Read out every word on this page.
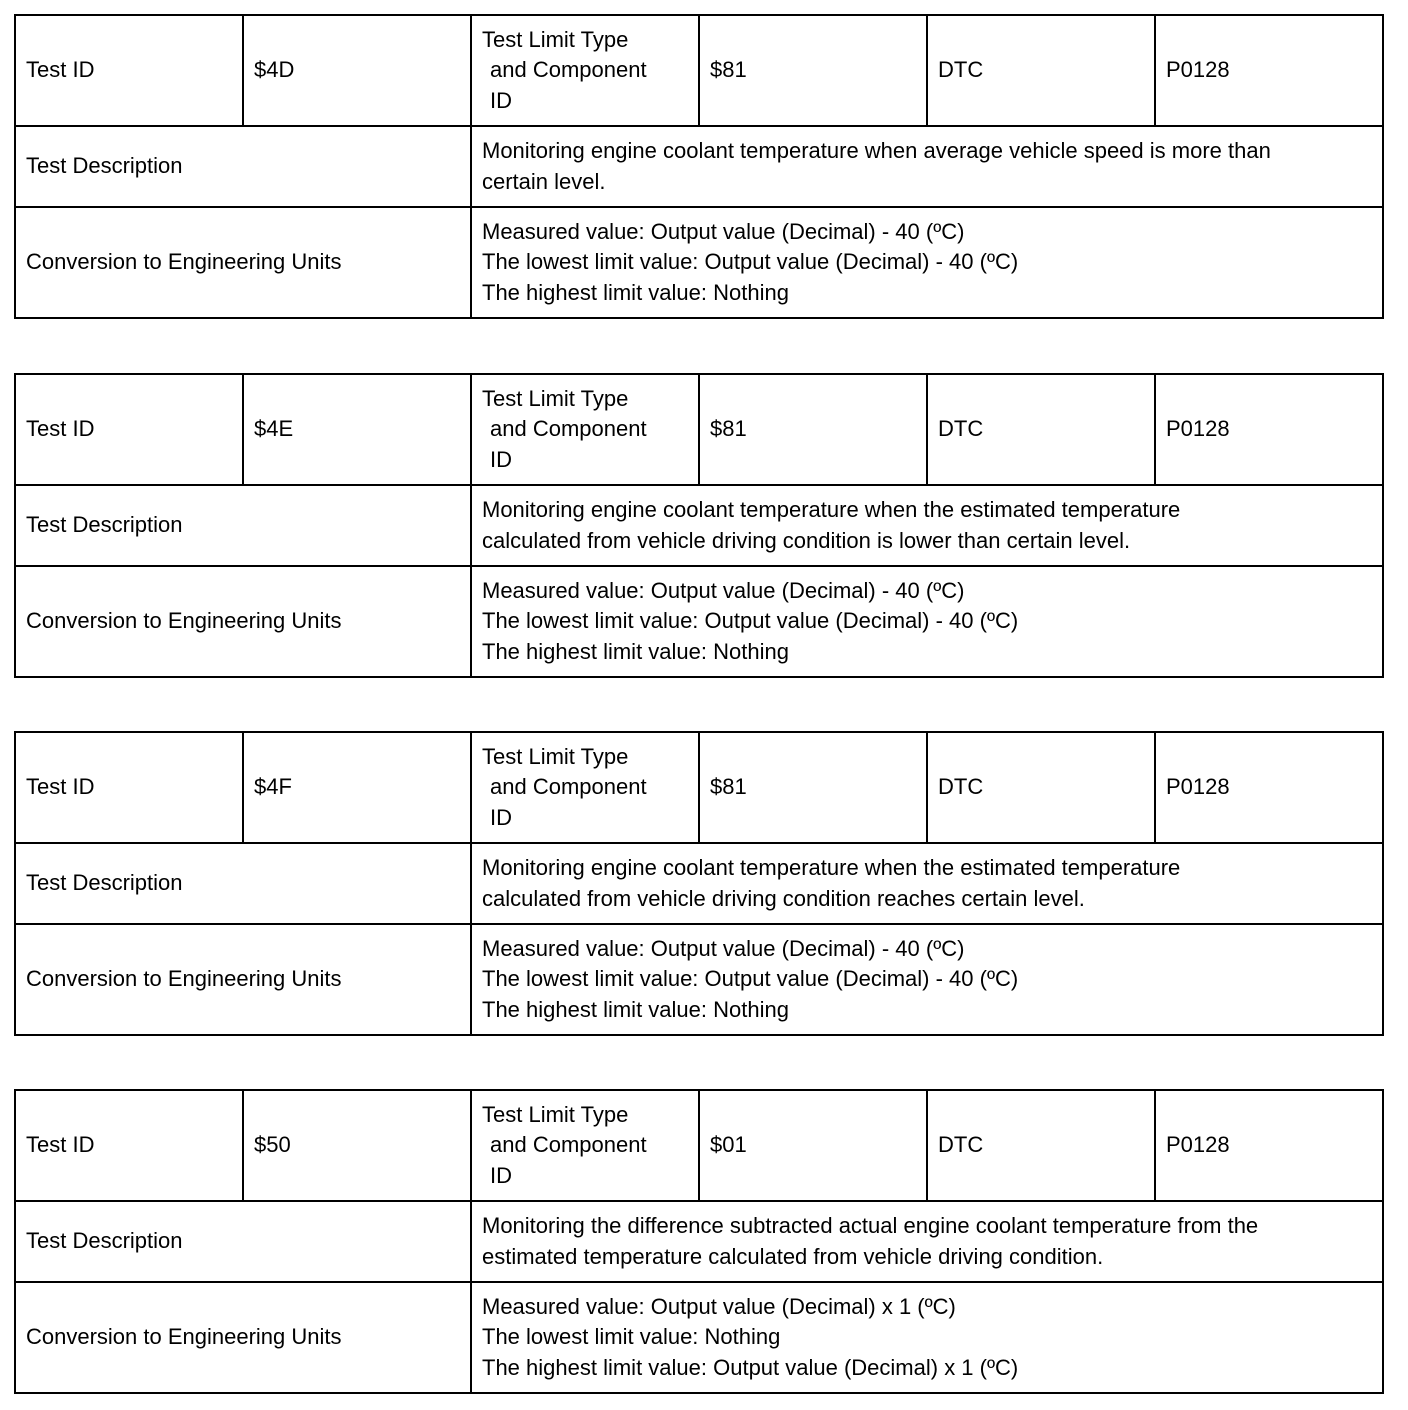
Test ID	$4D	Test Limit Type
and Component
ID	$81	DTC	P0128
Test Description		Monitoring engine coolant temperature when average vehicle speed is more than
certain level.			

Conversion to Engineering Units		Measured value: Output value (Decimal) - 40 (ºC)
The lowest limit value: Output value (Decimal) - 40 (ºC)
The highest limit value: Nothing			
Test ID	$4E	Test Limit Type
and Component
ID	$81	DTC	P0128
Test Description		Monitoring engine coolant temperature when the estimated temperature
calculated from vehicle driving condition is lower than certain level.			

Conversion to Engineering Units		Measured value: Output value (Decimal) - 40 (ºC)
The lowest limit value: Output value (Decimal) - 40 (ºC)
The highest limit value: Nothing			
Test ID	$4F	Test Limit Type
and Component
ID	$81	DTC	P0128
Test Description		Monitoring engine coolant temperature when the estimated temperature
calculated from vehicle driving condition reaches certain level.			

Conversion to Engineering Units		Measured value: Output value (Decimal) - 40 (ºC)
The lowest limit value: Output value (Decimal) - 40 (ºC)
The highest limit value: Nothing			
Test ID	$50	Test Limit Type
and Component
ID	$01	DTC	P0128
Test Description		Monitoring the difference subtracted actual engine coolant temperature from the
estimated temperature calculated from vehicle driving condition.			

Conversion to Engineering Units		Measured value: Output value (Decimal) x 1 (ºC)
The lowest limit value: Nothing
The highest limit value: Output value (Decimal) x 1 (ºC)			
